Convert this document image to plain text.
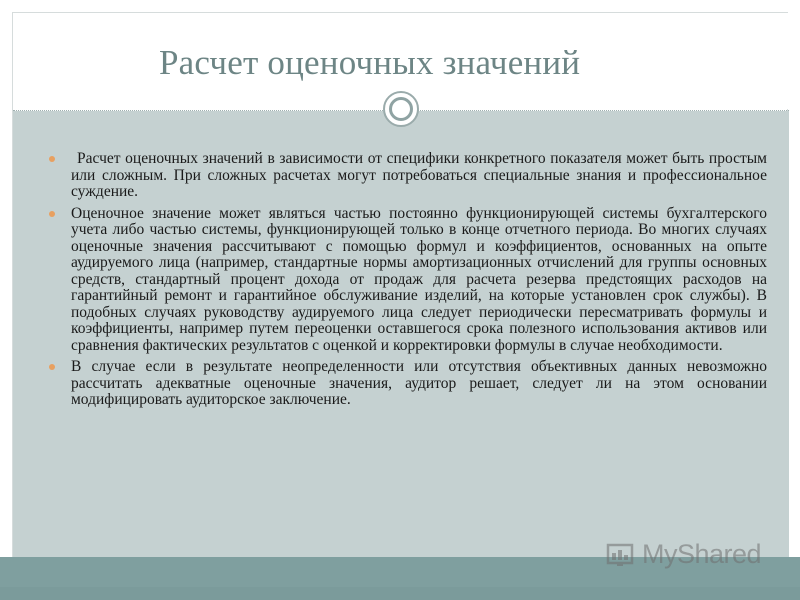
Расчет оценочных значений
Расчет оценочных значений в зависимости от специфики конкретного показателя может быть простым или сложным. При сложных расчетах могут потребоваться специальные знания и профессиональное суждение.
Оценочное значение может являться частью постоянно функционирующей системы бухгалтерского учета либо частью системы, функционирующей только в конце отчетного периода. Во многих случаях оценочные значения рассчитывают с помощью формул и коэффициентов, основанных на опыте аудируемого лица (например, стандартные нормы амортизационных отчислений для группы основных средств, стандартный процент дохода от продаж для расчета резерва предстоящих расходов на гарантийный ремонт и гарантийное обслуживание изделий, на которые установлен срок службы). В подобных случаях руководству аудируемого лица следует периодически пересматривать формулы и коэффициенты, например путем переоценки оставшегося срока полезного использования активов или сравнения фактических результатов с оценкой и корректировки формулы в случае необходимости.
В случае если в результате неопределенности или отсутствия объективных данных невозможно рассчитать адекватные оценочные значения, аудитор решает, следует ли на этом основании модифицировать аудиторское заключение.
MyShared
